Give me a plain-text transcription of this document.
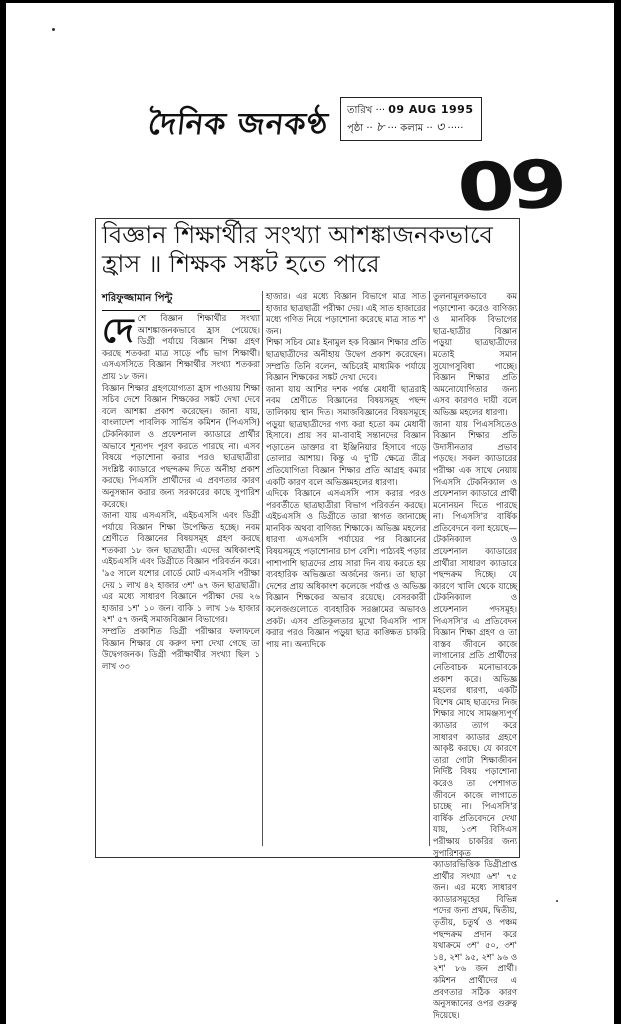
দৈনিক জনকণ্ঠ তারিখ ··· 09 AUG 1995
পৃষ্ঠা ·· ৮ ··· কলাম ·· ৩ ·····
09
বিজ্ঞান শিক্ষার্থীর সংখ্যা আশঙ্কাজনকভাবে
হ্রাস ॥ শিক্ষক সঙ্কট হতে পারে
শরিফুজ্জামান পিন্টু
দে শে বিজ্ঞান শিক্ষার্থীর সংখ্যা আশঙ্কাজনকভাবে হ্রাস পেয়েছে। ডিগ্রী পর্যায়ে বিজ্ঞান শিক্ষা গ্রহণ করছে শতকরা মাত্র সাড়ে পাঁচ ভাগ শিক্ষার্থী। এসএসসিতে বিজ্ঞান শিক্ষার্থীর সংখ্যা শতকরা প্রায় ১৮ জন।

বিজ্ঞান শিক্ষার গ্রহণযোগ্যতা হ্রাস পাওয়ায় শিক্ষা সচিব দেশে বিজ্ঞান শিক্ষকের সঙ্কট দেখা দেবে বলে আশঙ্কা প্রকাশ করেছেন। জানা যায়, বাংলাদেশ পাবলিক সার্ভিস কমিশন (পিএসসি) টেকনিক্যাল ও প্রফেশনাল ক্যাডারে প্রার্থীর অভাবে শূন্যপদ পূরণ করতে পারছে না। এসব বিষয়ে পড়াশোনা করার পরও ছাত্রছাত্রীরা সংশ্লিষ্ট ক্যাডারে পছন্দক্রম দিতে অনীহা প্রকাশ করছে। পিএসসি প্রার্থীদের এ প্রবণতার কারণ অনুসন্ধান করার জন্য সরকারের কাছে সুপারিশ করেছে।

জানা যায় এসএসসি, এইচএসসি এবং ডিগ্রী পর্যায়ে বিজ্ঞান শিক্ষা উপেক্ষিত হচ্ছে। নবম শ্রেণীতে বিজ্ঞানের বিষয়সমূহ গ্রহণ করছে শতকরা ১৮ জন ছাত্রছাত্রী। এদের অধিকাংশই এইচএসসি এবং ডিগ্রীতে বিজ্ঞান পরিবর্তন করে। '৯৫ সালে যশোর বোর্ডে মোট এসএসসি পরীক্ষা দেয় ১ লাখ ৪২ হাজার ৩শ' ৬৭ জন ছাত্রছাত্রী। এর মধ্যে সাধারণ বিজ্ঞানে পরীক্ষা দেয় ২৬ হাজার ১শ' ১০ জন। বাকি ১ লাখ ১৬ হাজার ২শ' ৫৭ জনই সমাজবিজ্ঞান বিভাগের।

সম্প্রতি প্রকাশিত ডিগ্রী পরীক্ষার ফলাফলে বিজ্ঞান শিক্ষার যে করুণ দশা দেখা গেছে তা উদ্বেগজনক। ডিগ্রী পরীক্ষার্থীর সংখ্যা ছিল ১ লাখ ৩৩

হাজার। এর মধ্যে বিজ্ঞান বিভাগে মাত্র সাত হাজার ছাত্রছাত্রী পরীক্ষা দেয়। এই সাত হাজারের মধ্যে গণিত নিয়ে পড়াশোনা করেছে মাত্র সাত শ' জন।

শিক্ষা সচিব মোঃ ইনামুল হক বিজ্ঞান শিক্ষার প্রতি ছাত্রছাত্রীদের অনীহায় উদ্বেগ প্রকাশ করেছেন। সম্প্রতি তিনি বলেন, অচিরেই মাধ্যমিক পর্যায়ে বিজ্ঞান শিক্ষকের সঙ্কট দেখা দেবে।

জানা যায় আশির দশক পর্যন্ত মেধাবী ছাত্ররাই নবম শ্রেণীতে বিজ্ঞানের বিষয়সমূহ পছন্দ তালিকায় স্থান দিত। সমাজবিজ্ঞানের বিষয়সমূহে পড়ুয়া ছাত্রছাত্রীদের গণ্য করা হতো কম মেধাবী হিসাবে। প্রায় সব মা-বাবাই সন্তানদের বিজ্ঞান পড়াতেন ডাক্তার বা ইঞ্জিনিয়ার হিসাবে গড়ে তোলার আশায়। কিন্তু এ দু'টি ক্ষেত্রে তীব্র প্রতিযোগিতা বিজ্ঞান শিক্ষার প্রতি আগ্রহ কমার একটি কারণ বলে অভিজ্ঞমহলের ধারণা।

এদিকে বিজ্ঞানে এসএসসি পাস করার পরও পরবর্তীতে ছাত্রছাত্রীরা বিভাগ পরিবর্তন করছে। এইচএসসি ও ডিগ্রীতে তারা স্বাগত জানাচ্ছে মানবিক অথবা বাণিজ্য শিক্ষাকে। অভিজ্ঞ মহলের ধারণা এসএসসি পর্যায়ের পর বিজ্ঞানের বিষয়সমূহে পড়াশোনার চাপ বেশি। পাঠ্যবই পড়ার পাশাপাশি ছাত্রদের প্রায় সারা দিন ব্যয় করতে হয় ব্যবহারিক অভিজ্ঞতা অর্জনের জন্য। তা ছাড়া দেশের প্রায় অধিকাংশ কলেজে পর্যাপ্ত ও অভিজ্ঞ বিজ্ঞান শিক্ষকের অভাব রয়েছে। বেসরকারী কলেজগুলোতে ব্যবহারিক সরঞ্জামের অভাবও প্রকট। এসব প্রতিকূলতার মুখো বিএসসি পাস করার পরও বিজ্ঞান পড়ুয়া ছাত্র কাঙ্ক্ষিত চাকরি পায় না। অন্যদিকে

তুলনামূলকভাবে কম পড়াশোনা করেও বাণিজ্য ও মানবিক বিভাগের ছাত্র-ছাত্রীর বিজ্ঞান পড়ুয়া ছাত্রছাত্রীদের মতোই সমান সুযোগসুবিধা পাচ্ছে। বিজ্ঞান শিক্ষার প্রতি অমনোযোগিতার জন্য এসব কারণও দায়ী বলে অভিজ্ঞ মহলের ধারণা।

জানা যায় পিএসসিতেও বিজ্ঞান শিক্ষার প্রতি উদাসীনতার প্রভাব পড়ছে। সকল ক্যাডারের পরীক্ষা এক সাথে নেয়ায় পিএসসি টেকনিক্যাল ও প্রফেশনাল ক্যাডারে প্রার্থী মনোনয়ন দিতে পারছে না। পিএসসি'র বার্ষিক প্রতিবেদনে বলা হয়েছে—টেকনিক্যাল ও প্রফেশনাল ক্যাডারের প্রার্থীরা সাধারণ ক্যাডারে পছন্দক্রম দিচ্ছে। যে কারণে খালি থেকে যাচ্ছে টেকনিক্যাল ও প্রফেশনাল পদসমূহ। পিএসসি'র এ প্রতিবেদন বিজ্ঞান শিক্ষা গ্রহণ ও তা বাস্তব জীবনে কাজে লাগানোর প্রতি প্রার্থীদের নেতিবাচক মনোভাবকে প্রকাশ করে। অভিজ্ঞ মহলের ধারণা, একটি বিশেষ মোহ ছাত্রদের নিজ শিক্ষার সাথে সামঞ্জস্যপূর্ণ ক্যাডার ত্যাগ করে সাধারণ ক্যাডার গ্রহণে আকৃষ্ট করছে। যে কারণে তারা গোটা শিক্ষাজীবন নির্দিষ্ট বিষয় পড়াশোনা করেও তা পেশাগত জীবনে কাজে লাগাতে চাচ্ছে না। পিএসসি'র বার্ষিক প্রতিবেদনে দেখা যায়, ১৩শ বিসিএস পরীক্ষায় চাকরির জন্য সুপারিশকৃত ক্যাডারভিত্তিক ডিগ্রীপ্রাপ্ত প্রার্থীর সংখ্যা ৬শ' ৭৫ জন। এর মধ্যে সাধারণ ক্যাডারসমূহের বিভিন্ন পদের জন্য প্রথম, দ্বিতীয়, তৃতীয়, চতুর্থ ও পঞ্চম পছন্দক্রম প্রদান করে যথাক্রমে ৩শ' ৫০, ৩শ' ১৪, ২শ' ৯৫, ২শ' ৯৬ ও ২শ' ৮৬ জন প্রার্থী। কমিশন প্রার্থীদের এ প্রবণতার সঠিক কারণ অনুসন্ধানের ওপর গুরুত্ব দিয়েছে।
